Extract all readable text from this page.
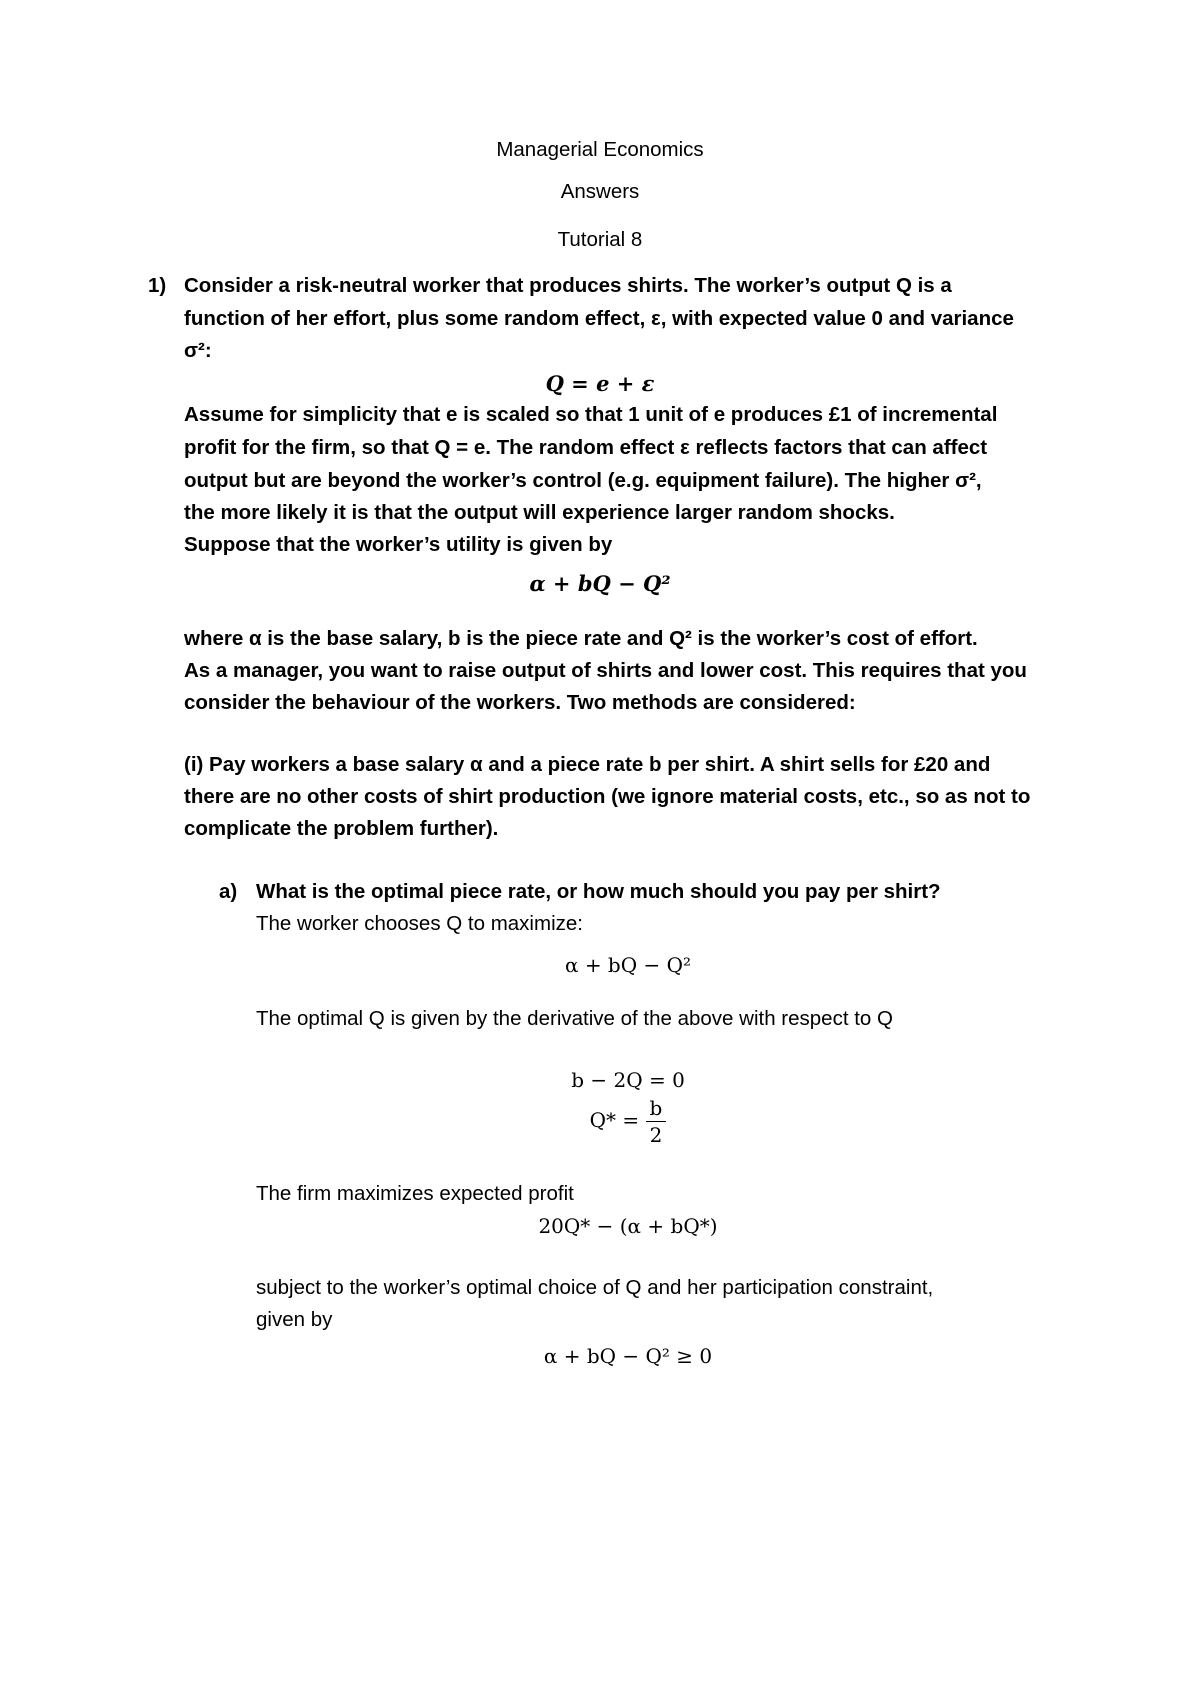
Managerial Economics
Answers
Tutorial 8
1) Consider a risk-neutral worker that produces shirts. The worker’s output Q is a
function of her effort, plus some random effect, ε, with expected value 0 and variance
σ²:
Q = e + ε
Assume for simplicity that e is scaled so that 1 unit of e produces £1 of incremental
profit for the firm, so that Q = e. The random effect ε reflects factors that can affect
output but are beyond the worker’s control (e.g. equipment failure). The higher σ²,
the more likely it is that the output will experience larger random shocks.
Suppose that the worker’s utility is given by
α + bQ − Q²
where α is the base salary, b is the piece rate and Q² is the worker’s cost of effort.
As a manager, you want to raise output of shirts and lower cost. This requires that you
consider the behaviour of the workers. Two methods are considered:
(i) Pay workers a base salary α and a piece rate b per shirt. A shirt sells for £20 and
there are no other costs of shirt production (we ignore material costs, etc., so as not to
complicate the problem further).
a) What is the optimal piece rate, or how much should you pay per shirt?
The worker chooses Q to maximize:
α + bQ − Q²
The optimal Q is given by the derivative of the above with respect to Q
b − 2Q = 0
$Q* = \frac{b}{2}$
The firm maximizes expected profit
20Q* − (α + bQ*)
subject to the worker’s optimal choice of Q and her participation constraint,
given by
α + bQ − Q² ≥ 0
